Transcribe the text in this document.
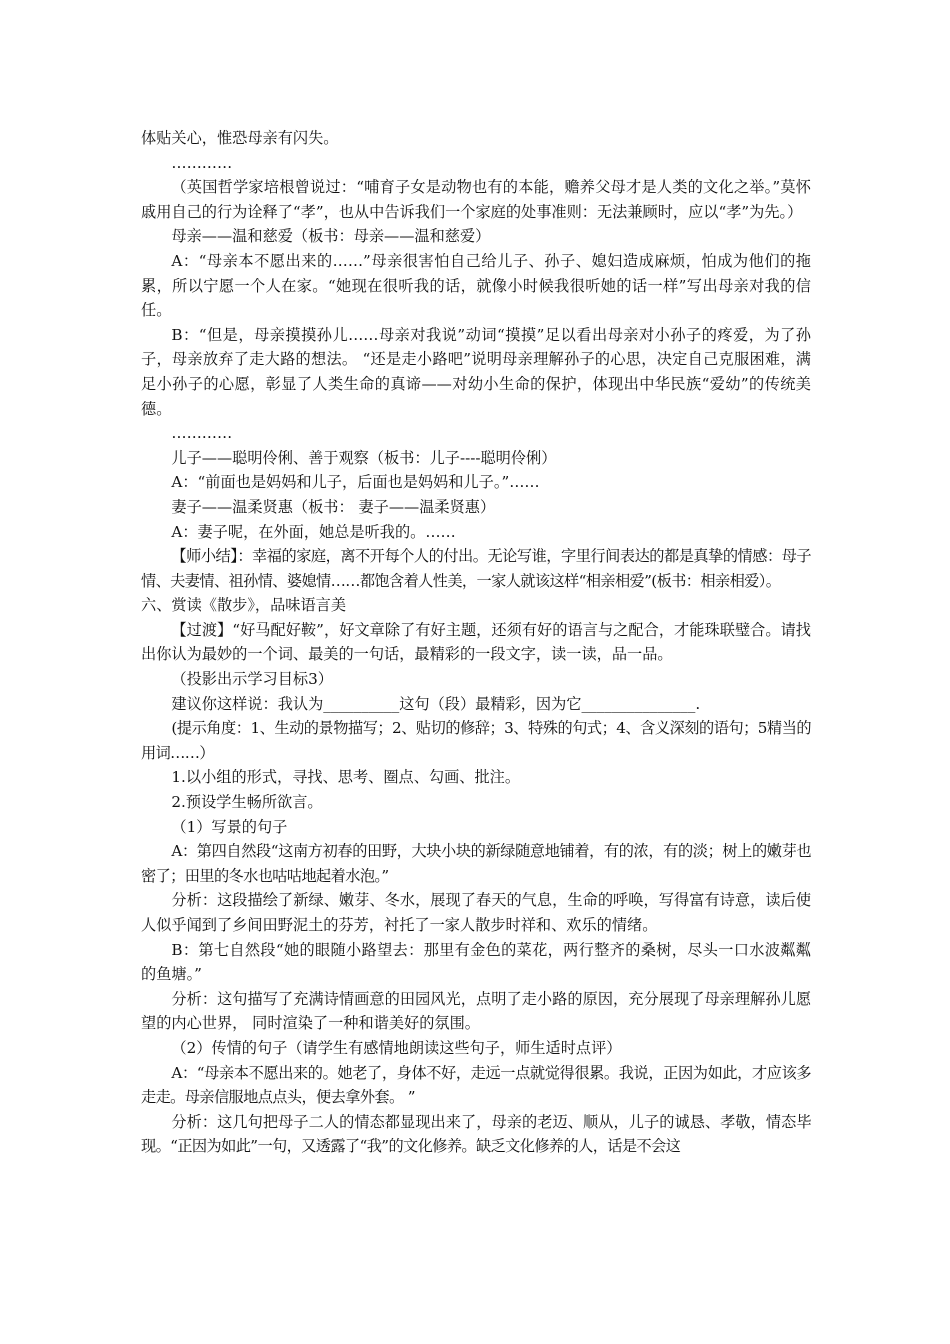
体贴关心，惟恐母亲有闪失。

…………

（英国哲学家培根曾说过：“哺育子女是动物也有的本能，赡养父母才是人类的文化之举。”莫怀戚用自己的行为诠释了“孝”，也从中告诉我们一个家庭的处事准则：无法兼顾时，应以“孝”为先。）

母亲——温和慈爱（板书：母亲——温和慈爱）

A：“母亲本不愿出来的……”母亲很害怕自己给儿子、孙子、媳妇造成麻烦，怕成为他们的拖累，所以宁愿一个人在家。“她现在很听我的话，就像小时候我很听她的话一样”写出母亲对我的信任。

B：“但是，母亲摸摸孙儿……母亲对我说”动词“摸摸”足以看出母亲对小孙子的疼爱，为了孙子，母亲放弃了走大路的想法。 “还是走小路吧”说明母亲理解孙子的心思，决定自己克服困难，满足小孙子的心愿，彰显了人类生命的真谛——对幼小生命的保护，体现出中华民族“爱幼”的传统美德。

…………

儿子——聪明伶俐、善于观察（板书：儿子----聪明伶俐）

A：“前面也是妈妈和儿子，后面也是妈妈和儿子。”……

妻子——温柔贤惠（板书： 妻子——温柔贤惠）

A：妻子呢，在外面，她总是听我的。……

【师小结】：幸福的家庭，离不开每个人的付出。无论写谁，字里行间表达的都是真挚的情感：母子情、夫妻情、祖孙情、婆媳情……都饱含着人性美，一家人就该这样“相亲相爱”(板书：相亲相爱）。

六、赏读《散步》，品味语言美

【过渡】“好马配好鞍”，好文章除了有好主题，还须有好的语言与之配合，才能珠联璧合。请找出你认为最妙的一个词、最美的一句话，最精彩的一段文字，读一读，品一品。

（投影出示学习目标3）

建议你这样说：我认为__________这句（段）最精彩，因为它_______________.

(提示角度：1、生动的景物描写；2、贴切的修辞；3、特殊的句式；4、含义深刻的语句；5精当的用词……）

1.以小组的形式，寻找、思考、圈点、勾画、批注。

2.预设学生畅所欲言。

（1）写景的句子

A：第四自然段“这南方初春的田野，大块小块的新绿随意地铺着，有的浓，有的淡；树上的嫩芽也密了；田里的冬水也咕咕地起着水泡。”

分析：这段描绘了新绿、嫩芽、冬水，展现了春天的气息，生命的呼唤，写得富有诗意，读后使人似乎闻到了乡间田野泥土的芬芳，衬托了一家人散步时祥和、欢乐的情绪。

B：第七自然段“她的眼随小路望去：那里有金色的菜花，两行整齐的桑树，尽头一口水波粼粼的鱼塘。”

分析：这句描写了充满诗情画意的田园风光，点明了走小路的原因，充分展现了母亲理解孙儿愿望的内心世界， 同时渲染了一种和谐美好的氛围。

（2）传情的句子（请学生有感情地朗读这些句子，师生适时点评）

A：“母亲本不愿出来的。她老了，身体不好，走远一点就觉得很累。我说，正因为如此，才应该多走走。母亲信服地点点头，便去拿外套。 ”

分析：这几句把母子二人的情态都显现出来了，母亲的老迈、顺从，儿子的诚恳、孝敬，情态毕现。“正因为如此”一句，又透露了“我”的文化修养。缺乏文化修养的人，话是不会这
